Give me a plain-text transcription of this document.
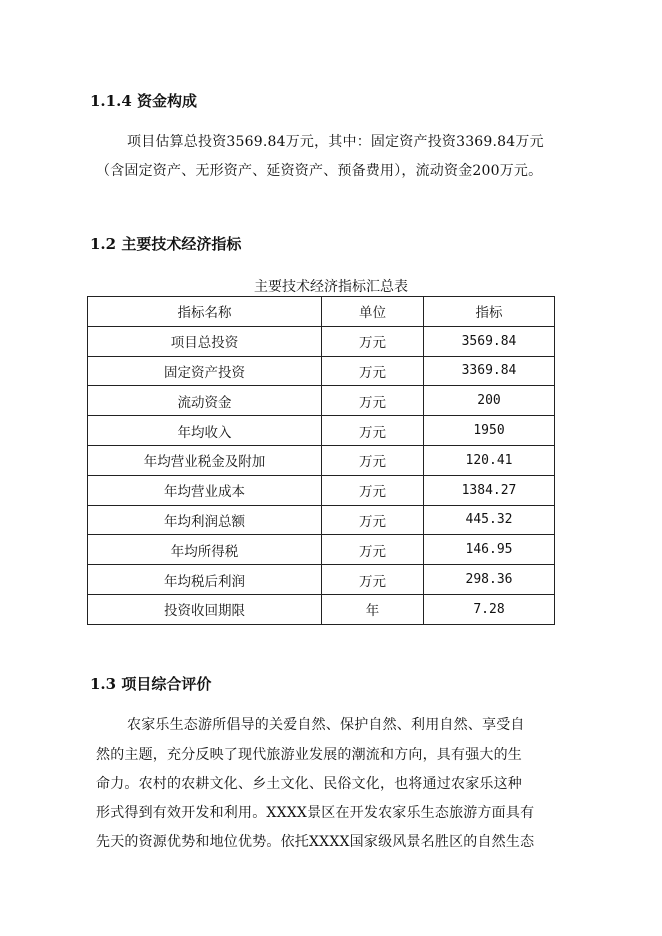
1.1.4 资金构成
项目估算总投资3569.84万元，其中：固定资产投资3369.84万元
（含固定资产、无形资产、延资资产、预备费用），流动资金200万元。
1.2 主要技术经济指标
主要技术经济指标汇总表
指标名称	单位	指标
项目总投资	万元	3569.84
固定资产投资	万元	3369.84
流动资金	万元	200
年均收入	万元	1950
年均营业税金及附加	万元	120.41
年均营业成本	万元	1384.27
年均利润总额	万元	445.32
年均所得税	万元	146.95
年均税后利润	万元	298.36
投资收回期限	年	7.28
1.3 项目综合评价
农家乐生态游所倡导的关爱自然、保护自然、利用自然、享受自
然的主题，充分反映了现代旅游业发展的潮流和方向，具有强大的生
命力。农村的农耕文化、乡土文化、民俗文化，也将通过农家乐这种
形式得到有效开发和利用。XXXX景区在开发农家乐生态旅游方面具有
先天的资源优势和地位优势。依托XXXX国家级风景名胜区的自然生态
